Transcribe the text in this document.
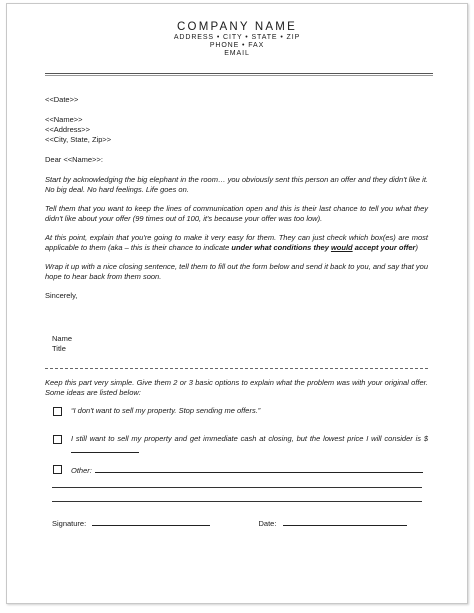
COMPANY NAME
ADDRESS • CITY • STATE • ZIP
PHONE • FAX
EMAIL

<<Date>>

<<Name>>

<<Address>>

<<City, State, Zip>>

Dear <<Name>>:

Start by acknowledging the big elephant in the room… you obviously sent this person an offer and they didn't like it. No big deal. No hard feelings. Life goes on.

Tell them that you want to keep the lines of communication open and this is their last chance to tell you what they didn't like about your offer (99 times out of 100, it's because your offer was too low).

At this point, explain that you're going to make it very easy for them. They can just check which box(es) are most applicable to them (aka – this is their chance to indicate under what conditions they would accept your offer)

Wrap it up with a nice closing sentence, tell them to fill out the form below and send it back to you, and say that you hope to hear back from them soon.

Sincerely,

Name

Title

Keep this part very simple. Give them 2 or 3 basic options to explain what the problem was with your original offer. Some ideas are listed below:

“I don't want to sell my property. Stop sending me offers.”
I still want to sell my property and get immediate cash at closing, but the lowest price I will consider is $
Other:
Signature:	Date:
